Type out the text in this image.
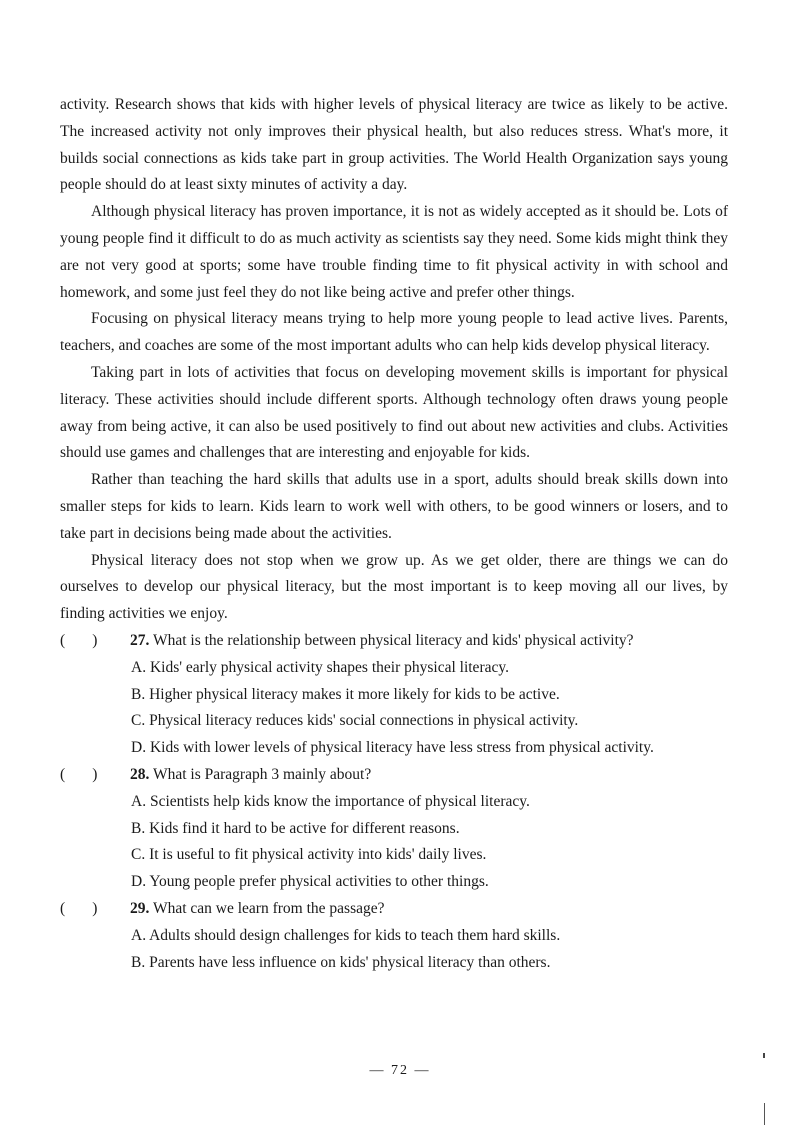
activity. Research shows that kids with higher levels of physical literacy are twice as likely to be active. The increased activity not only improves their physical health, but also reduces stress. What's more, it builds social connections as kids take part in group activities. The World Health Organization says young people should do at least sixty minutes of activity a day.

Although physical literacy has proven importance, it is not as widely accepted as it should be. Lots of young people find it difficult to do as much activity as scientists say they need. Some kids might think they are not very good at sports; some have trouble finding time to fit physical activity in with school and homework, and some just feel they do not like being active and prefer other things.

Focusing on physical literacy means trying to help more young people to lead active lives. Parents, teachers, and coaches are some of the most important adults who can help kids develop physical literacy.

Taking part in lots of activities that focus on developing movement skills is important for physical literacy. These activities should include different sports. Although technology often draws young people away from being active, it can also be used positively to find out about new activities and clubs. Activities should use games and challenges that are interesting and enjoyable for kids.

Rather than teaching the hard skills that adults use in a sport, adults should break skills down into smaller steps for kids to learn. Kids learn to work well with others, to be good winners or losers, and to take part in decisions being made about the activities.

Physical literacy does not stop when we grow up. As we get older, there are things we can do ourselves to develop our physical literacy, but the most important is to keep moving all our lives, by finding activities we enjoy.

(       )	27. What is the relationship between physical literacy and kids' physical activity?

A. Kids' early physical activity shapes their physical literacy.

B. Higher physical literacy makes it more likely for kids to be active.

C. Physical literacy reduces kids' social connections in physical activity.

D. Kids with lower levels of physical literacy have less stress from physical activity.

(       )	28. What is Paragraph 3 mainly about?

A. Scientists help kids know the importance of physical literacy.

B. Kids find it hard to be active for different reasons.

C. It is useful to fit physical activity into kids' daily lives.

D. Young people prefer physical activities to other things.

(       )	29. What can we learn from the passage?

A. Adults should design challenges for kids to teach them hard skills.

B. Parents have less influence on kids' physical literacy than others.

— 72 —
